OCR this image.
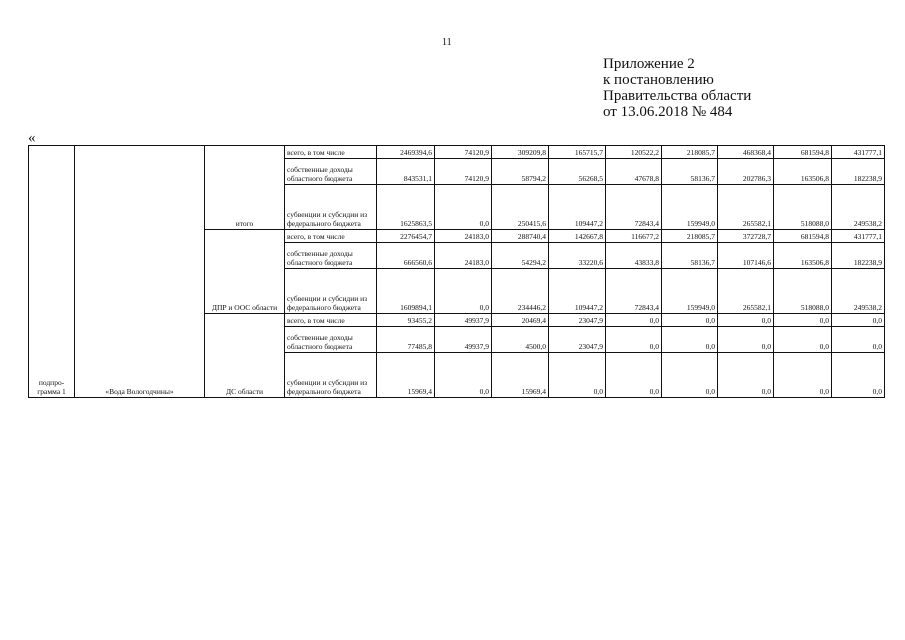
11
Приложение 2
к постановлению
Правительства области
от 13.06.2018 № 484
«
подпро-грамма 1	«Вода Вологодчины»	итого	всего, в том числе	2469394,6	74120,9	309209,8	165715,7	120522,2	218085,7	468368,4	681594,8	431777,1
			собственные доходы областного бюджета	843531,1	74120,9	58794,2	56268,5	47678,8	58136,7	202786,3	163506,8	182238,9
			субвенции и субсидии из федерального бюджета	1625863,5	0,0	250415,6	109447,2	72843,4	159949,0	265582,1	518088,0	249538,2
		ДПР и ООС области	всего, в том числе	2276454,7	24183,0	288740,4	142667,8	116677,2	218085,7	372728,7	681594,8	431777,1
			собственные доходы областного бюджета	666560,6	24183,0	54294,2	33220,6	43833,8	58136,7	107146,6	163506,8	182238,9
			субвенции и субсидии из федерального бюджета	1609894,1	0,0	234446,2	109447,2	72843,4	159949,0	265582,1	518088,0	249538,2
		ДС области	всего, в том числе	93455,2	49937,9	20469,4	23047,9	0,0	0,0	0,0	0,0	0,0
			собственные доходы областного бюджета	77485,8	49937,9	4500,0	23047,9	0,0	0,0	0,0	0,0	0,0
			субвенции и субсидии из федерального бюджета	15969,4	0,0	15969,4	0,0	0,0	0,0	0,0	0,0	0,0
